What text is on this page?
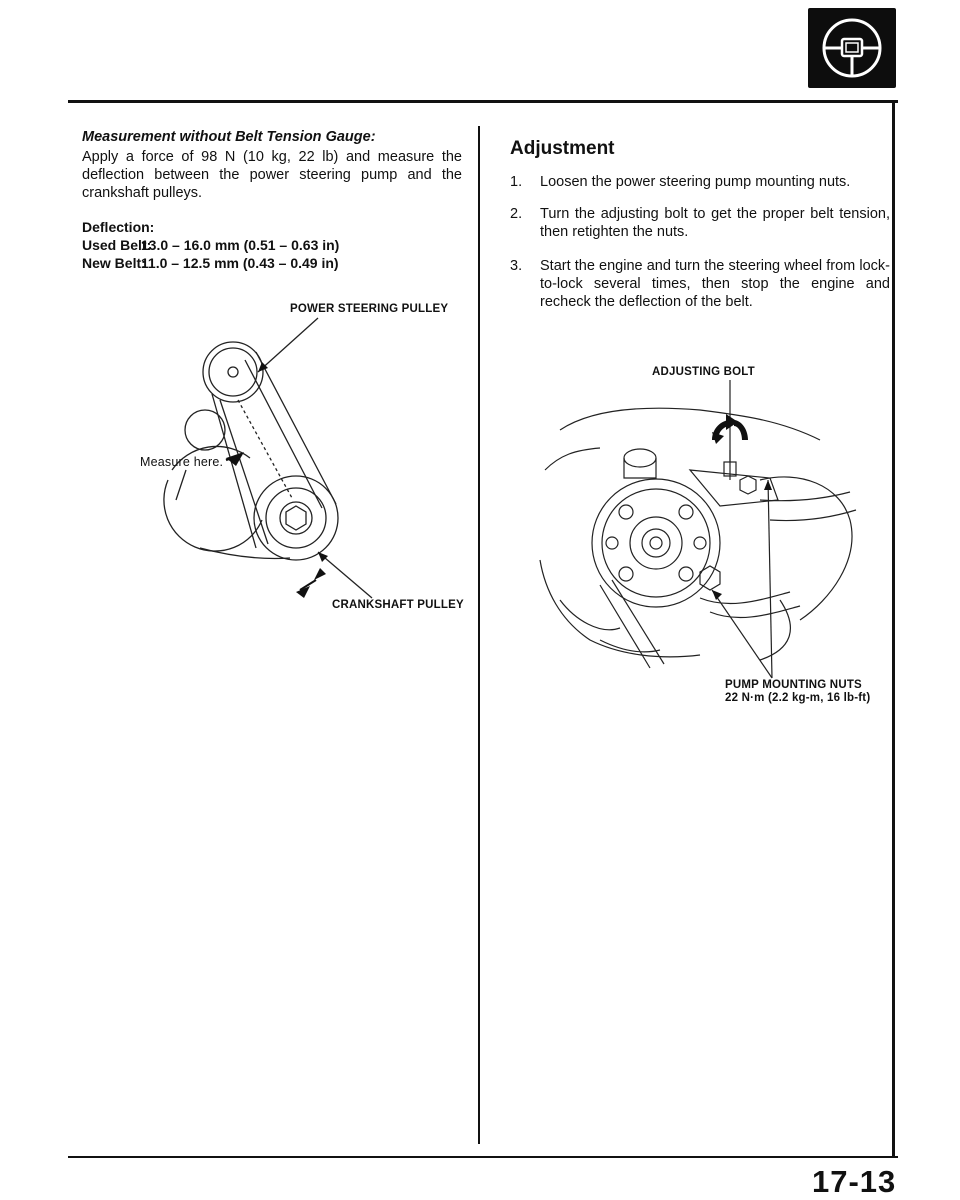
Measurement without Belt Tension Gauge:
Apply a force of 98 N (10 kg, 22 lb) and measure the deflection between the power steering pump and the crankshaft pulleys.
Deflection:
Used Belt: 13.0 – 16.0 mm (0.51 – 0.63 in)
New Belt: 11.0 – 12.5 mm (0.43 – 0.49 in)
POWER STEERING PULLEY
Measure here.
CRANKSHAFT PULLEY
Adjustment
1.	Loosen the power steering pump mounting nuts.
2.	Turn the adjusting bolt to get the proper belt tension, then retighten the nuts.
3.	Start the engine and turn the steering wheel from lock-to-lock several times, then stop the engine and recheck the deflection of the belt.
ADJUSTING BOLT
PUMP MOUNTING NUTS
22 N·m (2.2 kg-m, 16 lb-ft)
17-13
